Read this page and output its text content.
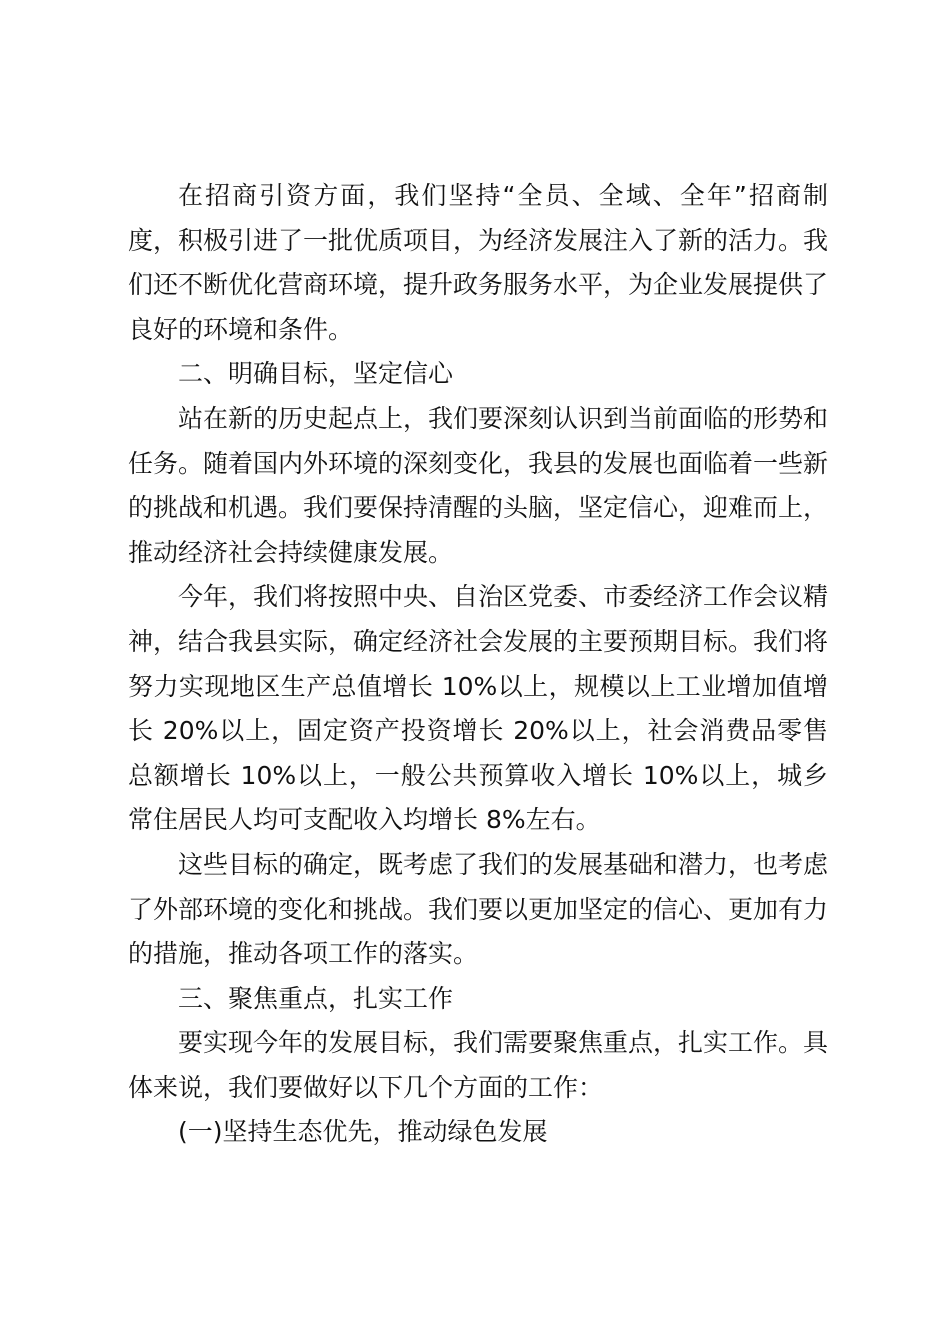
在招商引资方面，我们坚持“全员、全域、全年”招商制度，积极引进了一批优质项目，为经济发展注入了新的活力。我们还不断优化营商环境，提升政务服务水平，为企业发展提供了良好的环境和条件。

二、明确目标，坚定信心

站在新的历史起点上，我们要深刻认识到当前面临的形势和任务。随着国内外环境的深刻变化，我县的发展也面临着一些新的挑战和机遇。我们要保持清醒的头脑，坚定信心，迎难而上，推动经济社会持续健康发展。

今年，我们将按照中央、自治区党委、市委经济工作会议精神，结合我县实际，确定经济社会发展的主要预期目标。我们将努力实现地区生产总值增长 10%以上，规模以上工业增加值增长 20%以上，固定资产投资增长 20%以上，社会消费品零售总额增长 10%以上，一般公共预算收入增长 10%以上，城乡常住居民人均可支配收入均增长 8%左右。

这些目标的确定，既考虑了我们的发展基础和潜力，也考虑了外部环境的变化和挑战。我们要以更加坚定的信心、更加有力的措施，推动各项工作的落实。

三、聚焦重点，扎实工作

要实现今年的发展目标，我们需要聚焦重点，扎实工作。具体来说，我们要做好以下几个方面的工作：

(一)坚持生态优先，推动绿色发展
